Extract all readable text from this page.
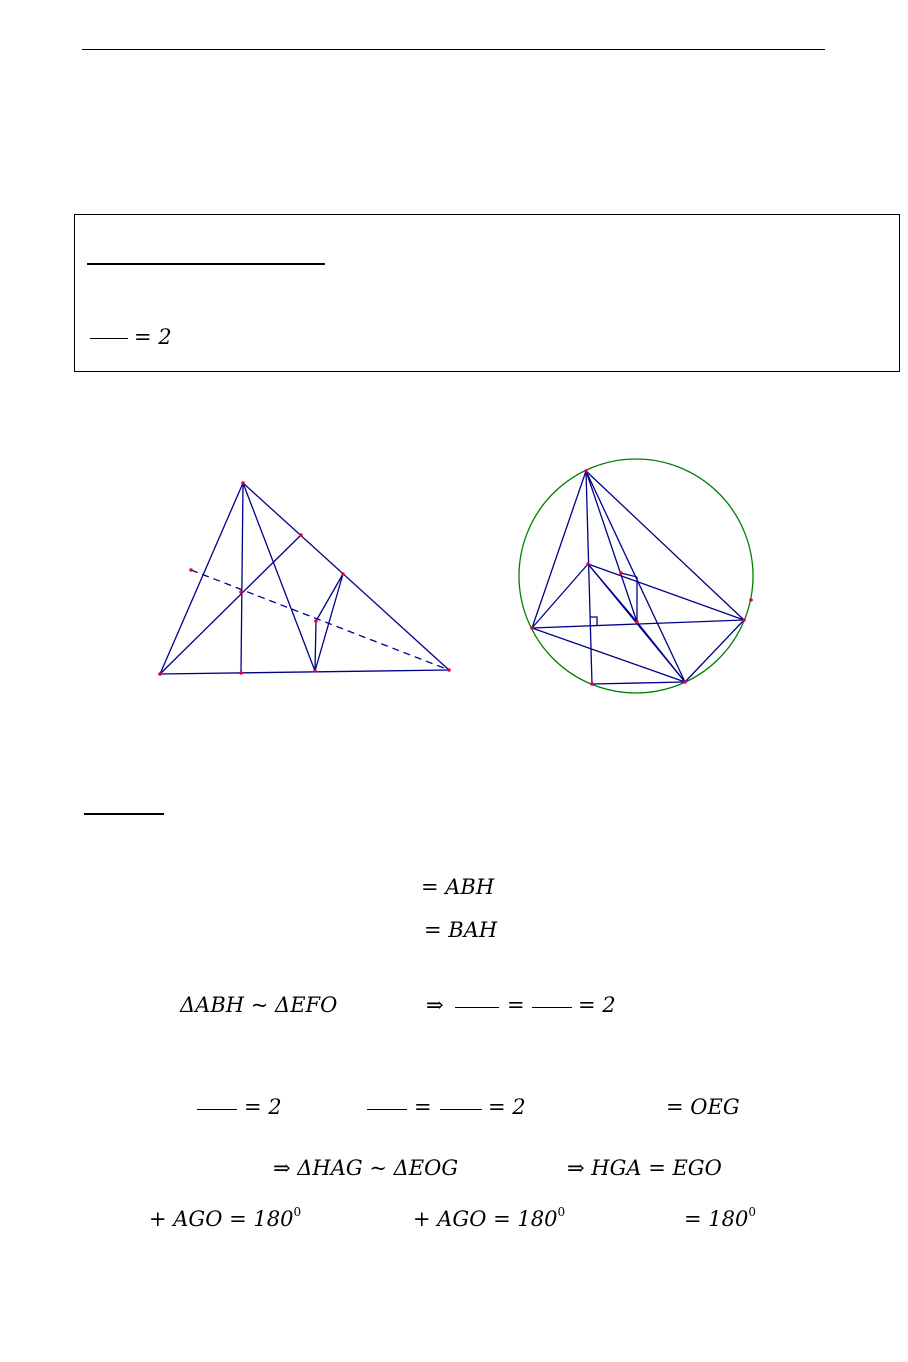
= 2
= ABH
= BAH
ΔABH ~ ΔEFO	⇒	=	= 2
= 2	=	= 2	= OEG
⇒ ΔHAG ~ ΔEOG	⇒ HGA = EGO
+ AGO = $180^0$	+ AGO = $180^0$	= $180^0$
